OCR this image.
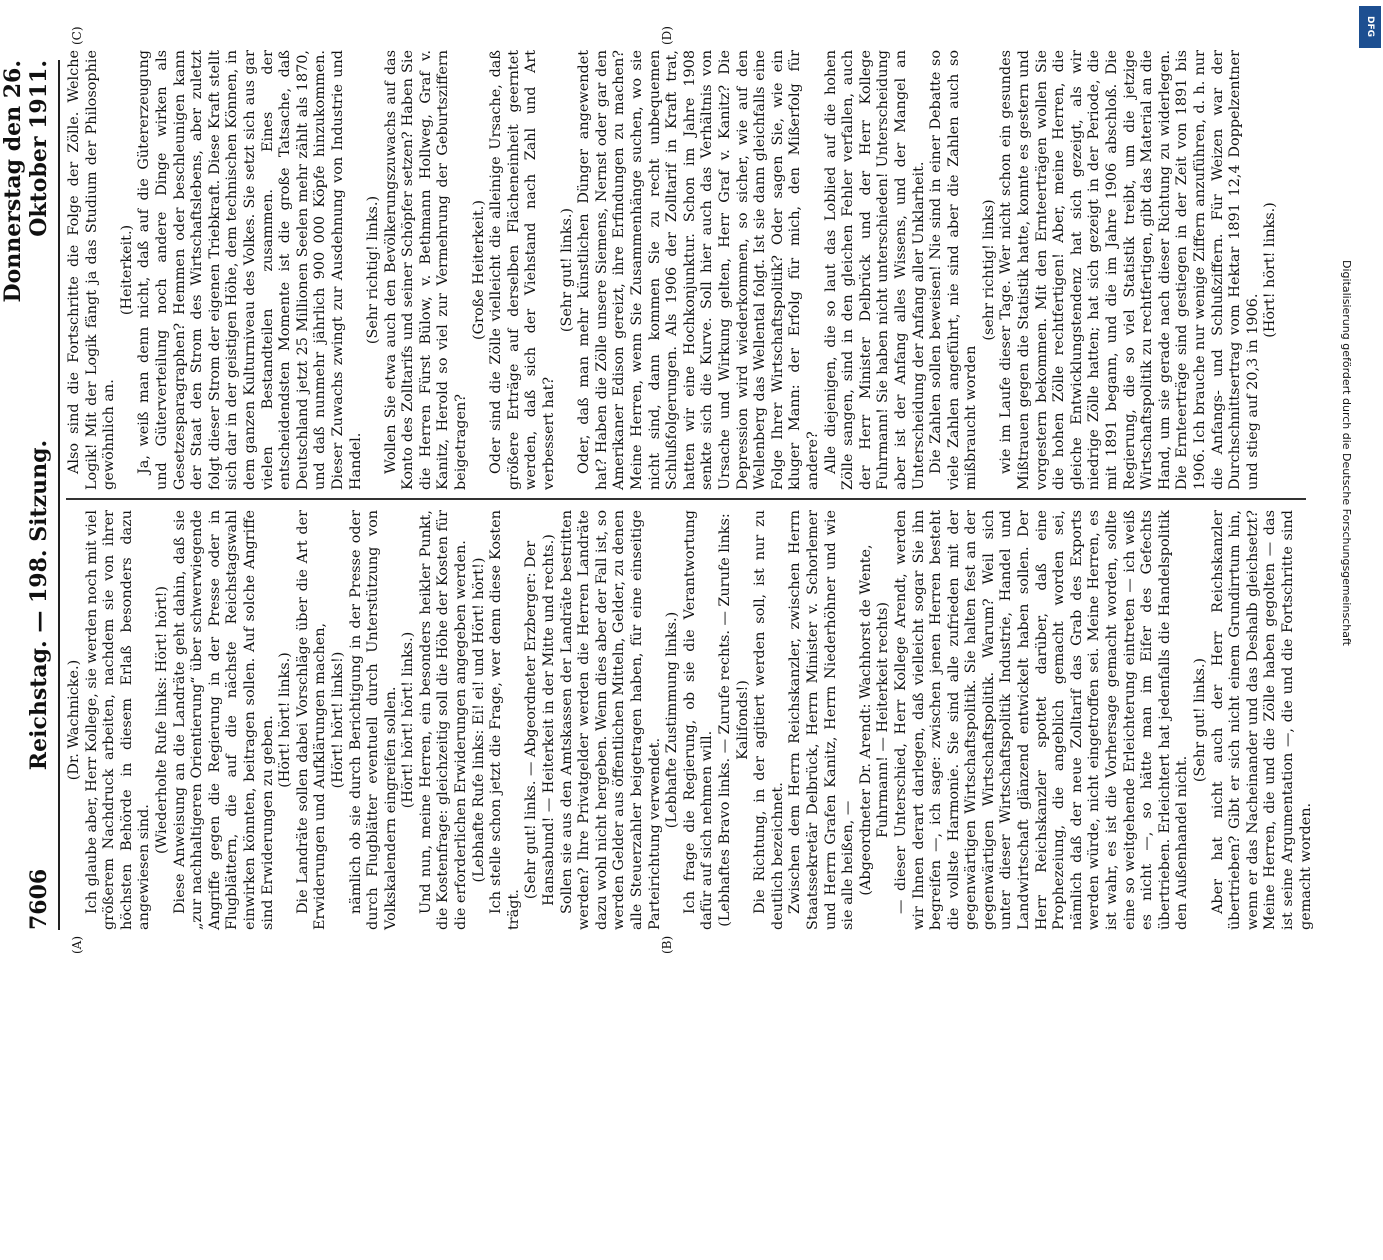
7606
Reichstag. — 198. Sitzung.
Donnerstag den 26. Oktober 1911.
(A)	(B)
(C)	(D)

(Dr. Wachnicke.) Ich glaube aber, Herr Kollege, sie werden noch mit viel größerem Nachdruck arbeiten, nachdem sie von ihrer höchsten Behörde in diesem Erlaß besonders dazu angewiesen sind.

(Wiederholte Rufe links: Hört! hört!) Diese Anweisung an die Landräte geht dahin, daß sie „zur nachhaltigeren Orientierung“ über schwerwiegende Angriffe gegen die Regierung in der Presse oder in Flugblättern, die auf die nächste Reichstagswahl einwirken könnten, beitragen sollen. Auf solche Angriffe sind Erwiderungen zu geben. (Hört! hört! links.) Die Landräte sollen dabei Vorschläge über die Art der Erwiderungen und Aufklärungen machen, (Hört! hört! links!) nämlich ob sie durch Berichtigung in der Presse oder durch Flugblätter eventuell durch Unterstützung von Volkskalendern eingreifen sollen. (Hört! hört! hört! links.) Und nun, meine Herren, ein besonders heikler Punkt, die Kostenfrage: gleichzeitig soll die Höhe der Kosten für die erforderlichen Erwiderungen angegeben werden. (Lebhafte Rufe links: Ei! ei! und Hört! hört!) Ich stelle schon jetzt die Frage, wer denn diese Kosten trägt.

(Sehr gut! links. — Abgeordneter Erzberger: Der Hansabund! — Heiterkeit in der Mitte und rechts.) Sollen sie aus den Amtskassen der Landräte bestritten werden? Ihre Privatgelder werden die Herren Landräte dazu wohl nicht hergeben. Wenn dies aber der Fall ist, so werden Gelder aus öffentlichen Mitteln, Gelder, zu denen alle Steuerzahler beigetragen haben, für eine einseitige Parteirichtung verwendet.

(Lebhafte Zustimmung links.) Ich frage die Regierung, ob sie die Verantwortung dafür auf sich nehmen will. (Lebhaftes Bravo links. — Zurufe rechts. — Zurufe links: Kalifonds!) Die Richtung, in der agitiert werden soll, ist nur zu deutlich bezeichnet. Zwischen dem Herrn Reichskanzler, zwischen Herrn Staatssekretär Delbrück, Herrn Minister v. Schorlemer und Herrn Grafen Kanitz, Herrn Niederhöhner und wie sie alle heißen, — (Abgeordneter Dr. Arendt: Wachhorst de Wente, Fuhrmann! — Heiterkeit rechts) — dieser Unterschied, Herr Kollege Arendt, werden wir Ihnen derart darlegen, daß vielleicht sogar Sie ihn begreifen —, ich sage: zwischen jenen Herren besteht die vollste Harmonie. Sie sind alle zufrieden mit der gegenwärtigen Wirtschaftspolitik. Sie halten fest an der gegenwärtigen Wirtschaftspolitik. Warum? Weil sich unter dieser Wirtschaftspolitik Industrie, Handel und Landwirtschaft glänzend entwickelt haben sollen. Der Herr Reichskanzler spottet darüber, daß eine Prophezeiung, die angeblich gemacht worden sei, nämlich daß der neue Zolltarif das Grab des Exports werden würde, nicht eingetroffen sei. Meine Herren, es ist wahr, es ist die Vorhersage gemacht worden, sollte eine so weitgehende Erleichterung eintreten — ich weiß es nicht —, so hätte man im Eifer des Gefechts übertrieben. Erleichtert hat jedenfalls die Handelspolitik den Außenhandel nicht.

(Sehr gut! links.) Aber hat nicht auch der Herr Reichskanzler übertrieben? Gibt er sich nicht einem Grundirrtum hin, wenn er das Nacheinander und das Deshalb gleichsetzt? Meine Herren, die und die Zölle haben gegolten — das ist seine Argumentation —, die und die Fortschritte sind gemacht worden.

Also sind die Fortschritte die Folge der Zölle. Welche Logik! Mit der Logik fängt ja das Studium der Philosophie gewöhnlich an.

(Heiterkeit.) Ja, weiß man denn nicht, daß auf die Gütererzeugung und Güterverteilung noch andere Dinge wirken als Gesetzesparagraphen? Hemmen oder beschleunigen kann der Staat den Strom des Wirtschaftslebens, aber zuletzt folgt dieser Strom der eigenen Triebkraft. Diese Kraft stellt sich dar in der geistigen Höhe, dem technischen Können, in dem ganzen Kulturniveau des Volkes. Sie setzt sich aus gar vielen Bestandteilen zusammen. Eines der entscheidendsten Momente ist die große Tatsache, daß Deutschland jetzt 25 Millionen Seelen mehr zählt als 1870, und daß nunmehr jährlich 900 000 Köpfe hinzukommen. Dieser Zuwachs zwingt zur Ausdehnung von Industrie und Handel.

(Sehr richtig! links.) Wollen Sie etwa auch den Bevölkerungszuwachs auf das Konto des Zolltarifs und seiner Schöpfer setzen? Haben Sie die Herren Fürst Bülow, v. Bethmann Hollweg, Graf v. Kanitz, Herold so viel zur Vermehrung der Geburtsziffern beigetragen?

(Große Heiterkeit.) Oder sind die Zölle vielleicht die alleinige Ursache, daß größere Erträge auf derselben Flächeneinheit geerntet werden, daß sich der Viehstand nach Zahl und Art verbessert hat?

(Sehr gut! links.) Oder, daß man mehr künstlichen Dünger angewendet hat? Haben die Zölle unsere Siemens, Nernst oder gar den Amerikaner Edison gereizt, ihre Erfindungen zu machen? Meine Herren, wenn Sie Zusammenhänge suchen, wo sie nicht sind, dann kommen Sie zu recht unbequemen Schlußfolgerungen. Als 1906 der Zolltarif in Kraft trat, hatten wir eine Hochkonjunktur. Schon im Jahre 1908 senkte sich die Kurve. Soll hier auch das Verhältnis von Ursache und Wirkung gelten, Herr Graf v. Kanitz? Die Depression wird wiederkommen, so sicher, wie auf den Wellenberg das Wellental folgt. Ist sie dann gleichfalls eine Folge Ihrer Wirtschaftspolitik? Oder sagen Sie, wie ein kluger Mann: der Erfolg für mich, den Mißerfolg für andere? Alle diejenigen, die so laut das Loblied auf die hohen Zölle sangen, sind in den gleichen Fehler verfallen, auch der Herr Minister Delbrück und der Herr Kollege Fuhrmann! Sie haben nicht unterschieden! Unterscheidung aber ist der Anfang alles Wissens, und der Mangel an Unterscheidung der Anfang aller Unklarheit. Die Zahlen sollen beweisen! Nie sind in einer Debatte so viele Zahlen angeführt, nie sind aber die Zahlen auch so mißbraucht worden

(sehr richtig! links) wie im Laufe dieser Tage. Wer nicht schon ein gesundes Mißtrauen gegen die Statistik hatte, konnte es gestern und vorgestern bekommen. Mit den Ernteerträgen wollen Sie die hohen Zölle rechtfertigen! Aber, meine Herren, die gleiche Entwicklungstendenz hat sich gezeigt, als wir niedrige Zölle hatten; hat sich gezeigt in der Periode, die mit 1891 begann, und die im Jahre 1906 abschloß. Die Regierung, die so viel Statistik treibt, um die jetzige Wirtschaftspolitik zu rechtfertigen, gibt das Material an die Hand, um sie gerade nach dieser Richtung zu widerlegen. Die Ernteerträge sind gestiegen in der Zeit von 1891 bis 1906. Ich brauche nur wenige Ziffern anzuführen, d. h. nur die Anfangs- und Schlußziffern. Für Weizen war der Durchschnittsertrag vom Hektar 1891 12,4 Doppelzentner und stieg auf 20,3 in 1906.

(Hört! hört! links.)	Digitalisierung gefördert durch die Deutsche Forschungsgemeinschaft
DFG
